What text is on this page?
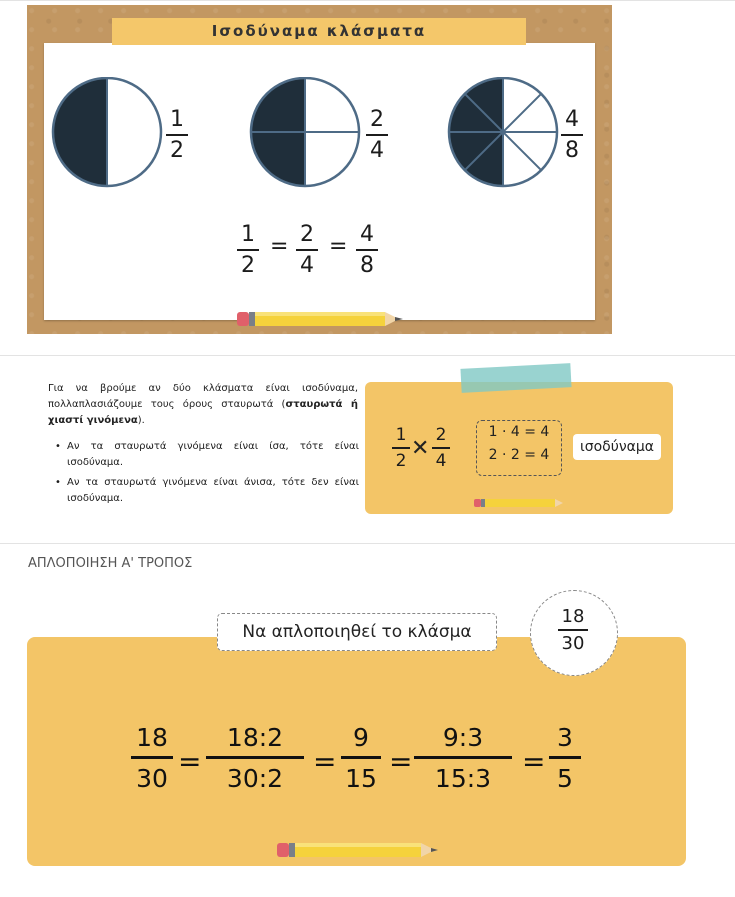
Ισοδύναμα κλάσματα
1
2
2
4
4
8
1
2
= 2
4
= 4
8

Για να βρούμε αν δύο κλάσματα είναι ισοδύναμα, πολλαπλασιάζουμε τους όρους σταυρωτά (σταυρωτά ή χιαστί γινόμενα).

• Αν τα σταυρωτά γινόμενα είναι ίσα, τότε είναι ισοδύναμα.
• Αν τα σταυρωτά γινόμενα είναι άνισα, τότε δεν είναι ισοδύναμα.
1
2 ✕
2
4
1 · 4 = 4
2 · 2 = 4	ισοδύναμα
ΑΠΛΟΠΟΙΗΣΗ Α' ΤΡΟΠΟΣ
Να απλοποιηθεί το κλάσμα
18
30
18
30
=
18:2
30:2
=
9
15
=
9:3
15:3
=
3
5
